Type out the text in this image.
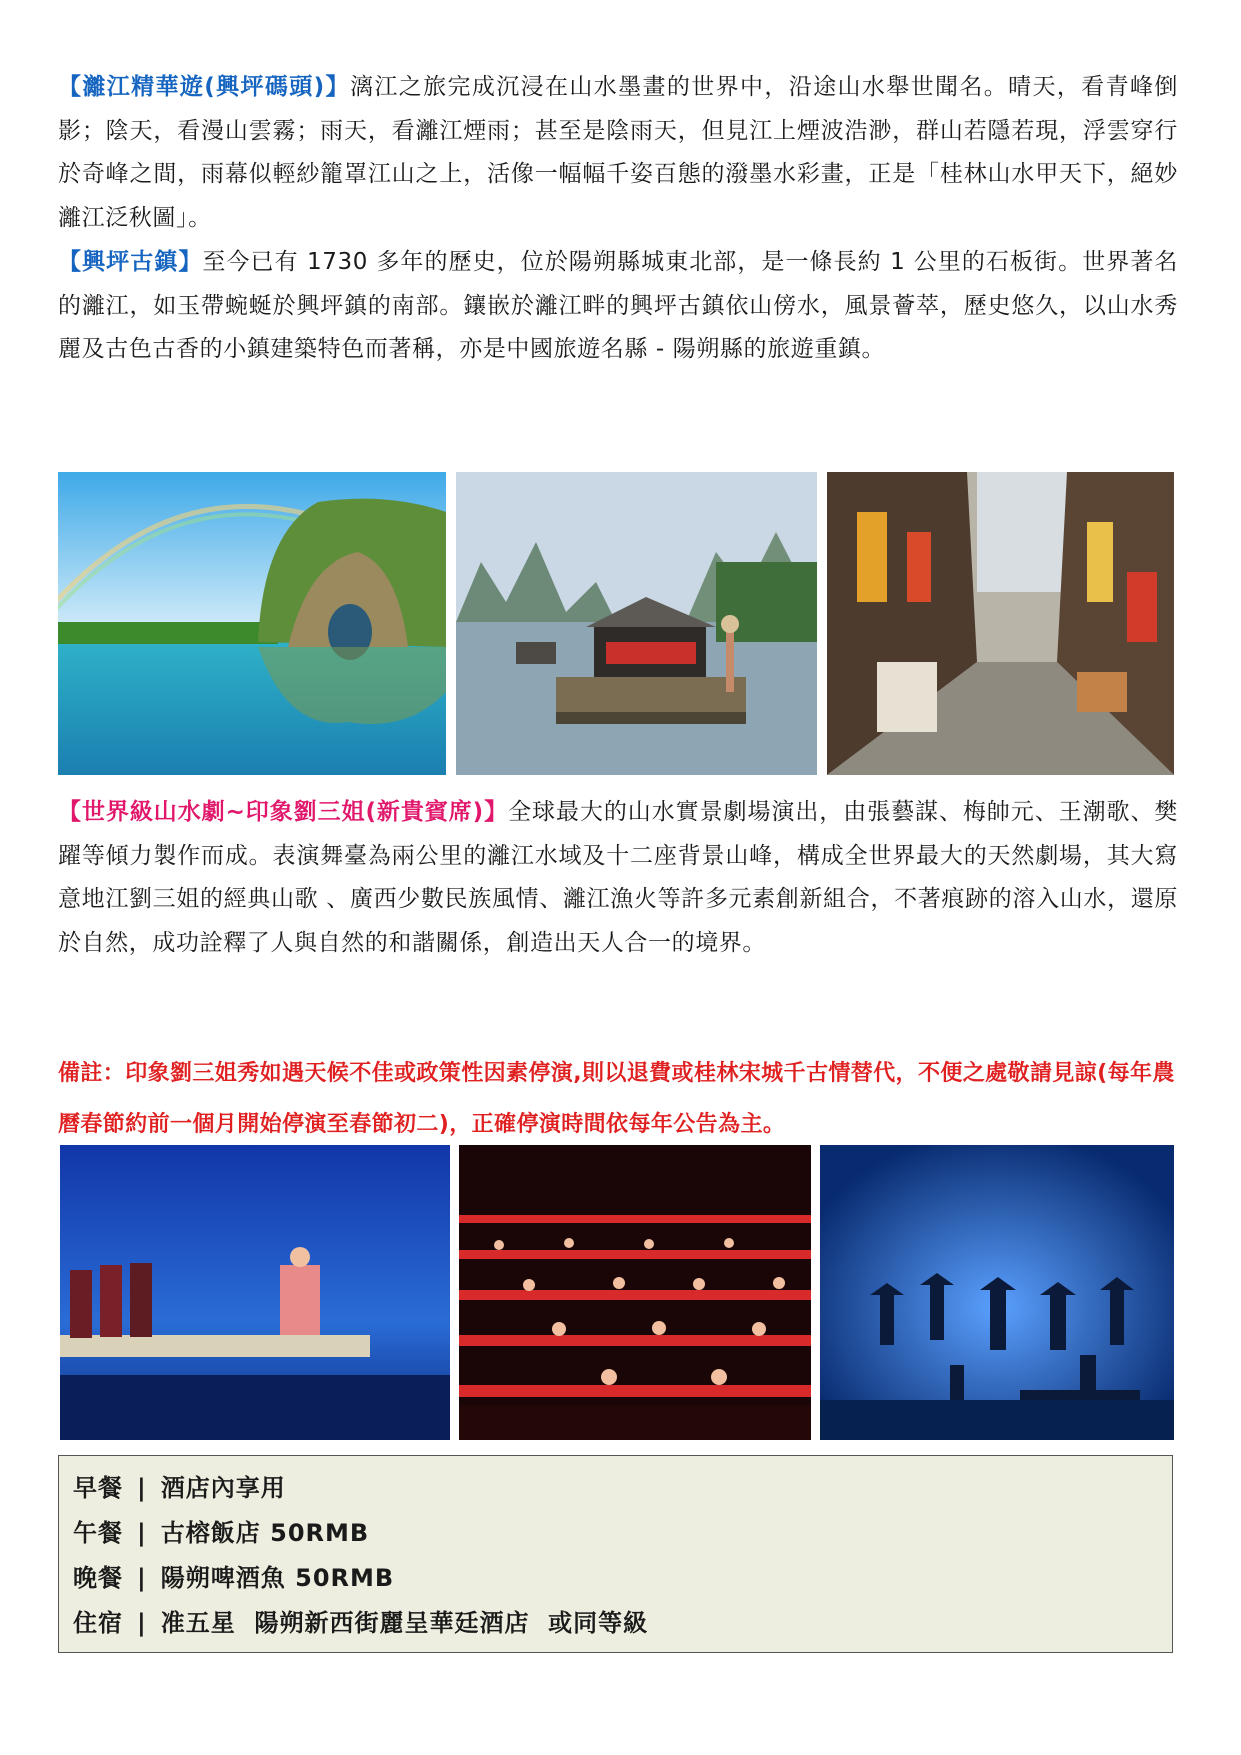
【灕江精華遊(興坪碼頭)】漓江之旅完成沉浸在山水墨畫的世界中，沿途山水舉世聞名。晴天，看青峰倒影；陰天，看漫山雲霧；雨天，看灕江煙雨；甚至是陰雨天，但見江上煙波浩渺，群山若隱若現，浮雲穿行於奇峰之間，雨幕似輕紗籠罩江山之上，活像一幅幅千姿百態的潑墨水彩畫，正是「桂林山水甲天下，絕妙灕江泛秋圖」。
【興坪古鎮】至今已有 1730 多年的歷史，位於陽朔縣城東北部，是一條長約 1 公里的石板街。世界著名的灕江，如玉帶蜿蜒於興坪鎮的南部。鑲嵌於灕江畔的興坪古鎮依山傍水，風景薈萃，歷史悠久，以山水秀麗及古色古香的小鎮建築特色而著稱，亦是中國旅遊名縣 - 陽朔縣的旅遊重鎮。
【世界級山水劇~印象劉三姐(新貴賓席)】全球最大的山水實景劇場演出，由張藝謀、梅帥元、王潮歌、樊躍等傾力製作而成。表演舞臺為兩公里的灕江水域及十二座背景山峰，構成全世界最大的天然劇場，其大寫意地江劉三姐的經典山歌 、廣西少數民族風情、灕江漁火等許多元素創新組合，不著痕跡的溶入山水，還原於自然，成功詮釋了人與自然的和諧關係，創造出天人合一的境界。
備註：印象劉三姐秀如遇天候不佳或政策性因素停演,則以退費或桂林宋城千古情替代，不便之處敬請見諒(每年農曆春節約前一個月開始停演至春節初二)，正確停演時間依每年公告為主。
早餐 | 酒店內享用
午餐 | 古榕飯店 50RMB
晚餐 | 陽朔啤酒魚 50RMB
住宿 | 准五星  陽朔新西街麗呈華廷酒店  或同等級
